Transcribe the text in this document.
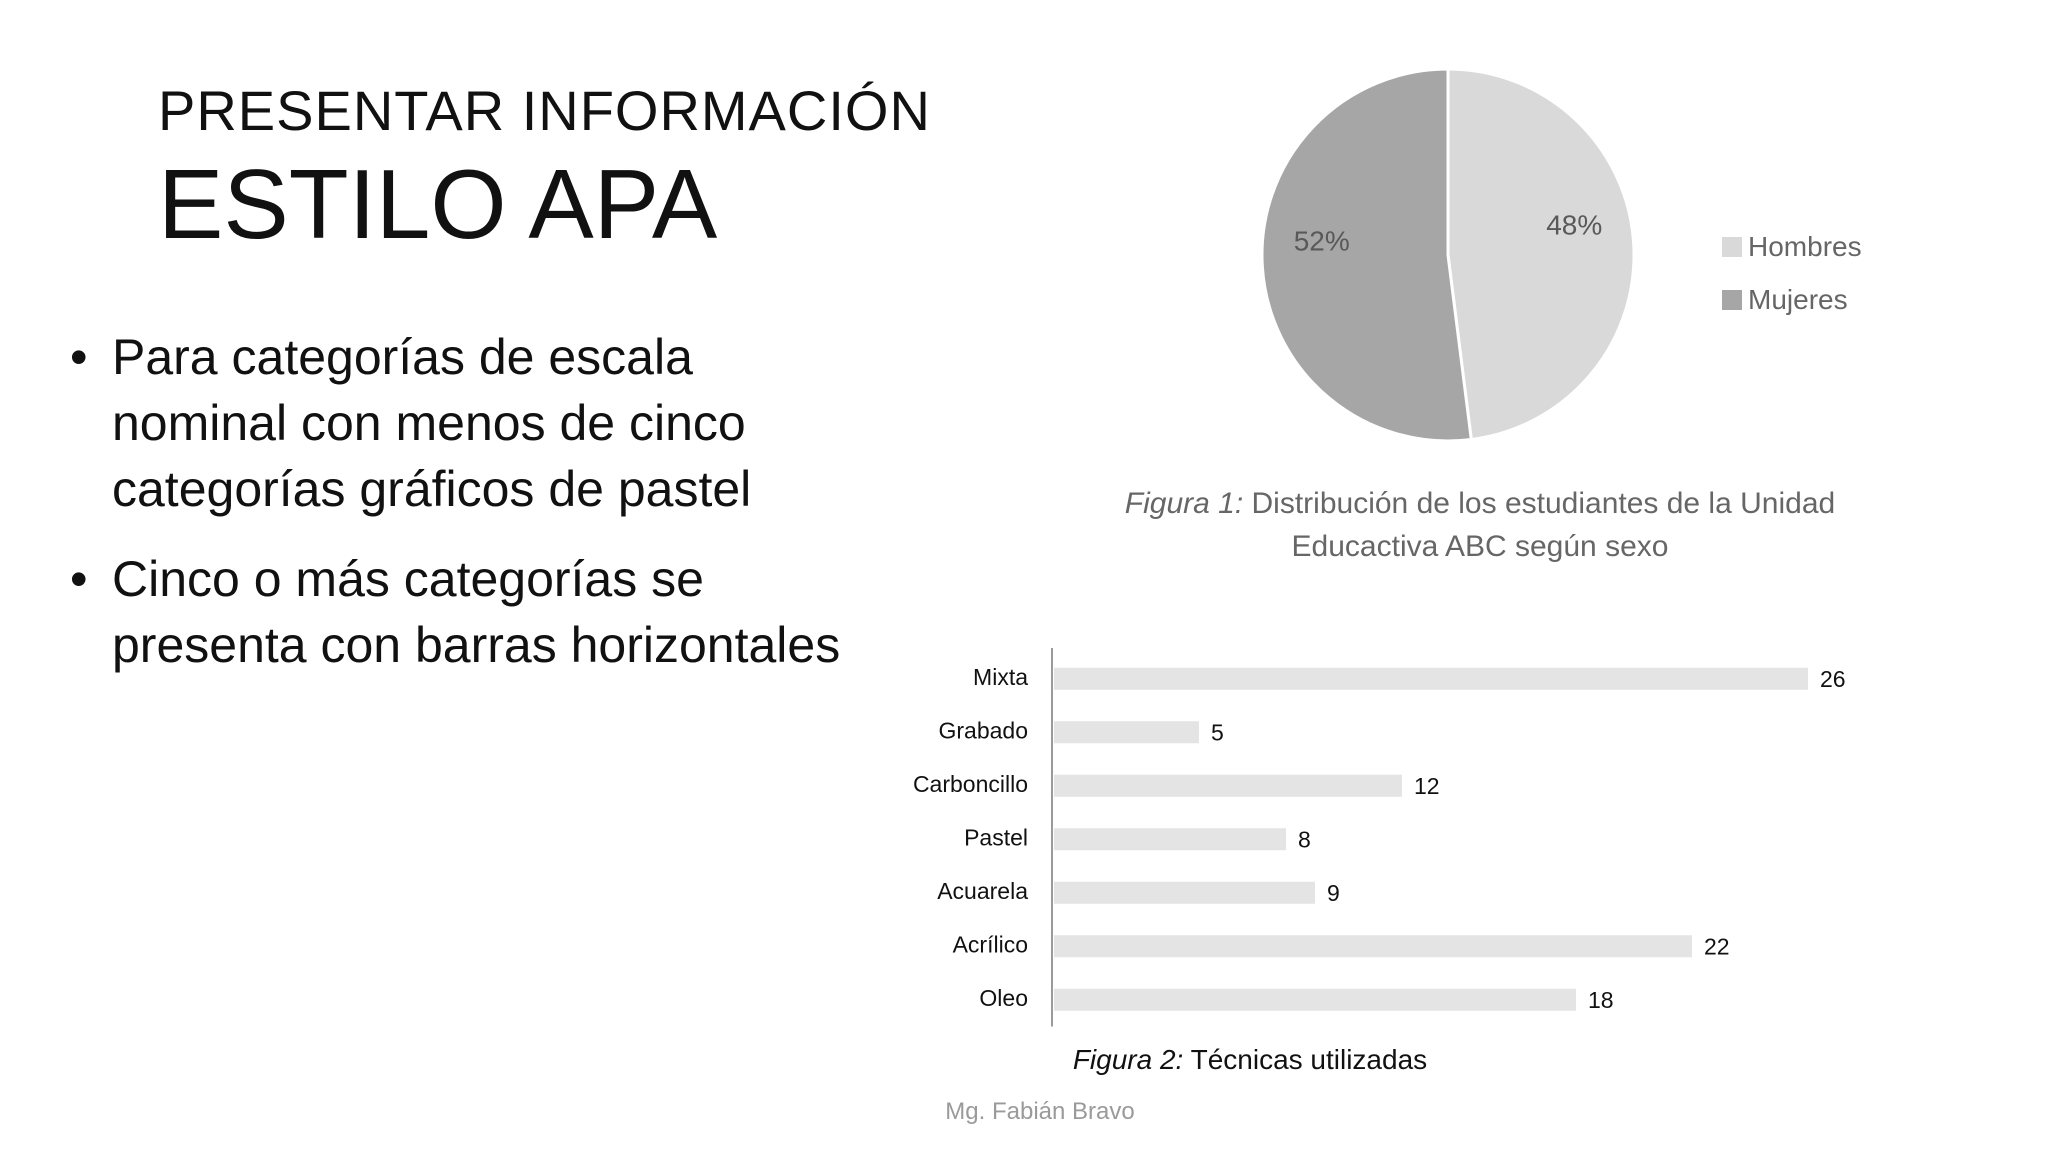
PRESENTAR INFORMACIÓN
ESTILO APA
• Para categorías de escala nominal con menos de cinco categorías gráficos de pastel
• Cinco o más categorías se presenta con barras horizontales
48%
52%	Hombres
Mujeres
Figura 1: Distribución de los estudiantes de la Unidad Educactiva ABC según sexo
Mixta	26
Grabado	5
Carboncillo	12
Pastel	8
Acuarela	9
Acrílico	22
Oleo	18
Figura 2: Técnicas utilizadas
Mg. Fabián Bravo
